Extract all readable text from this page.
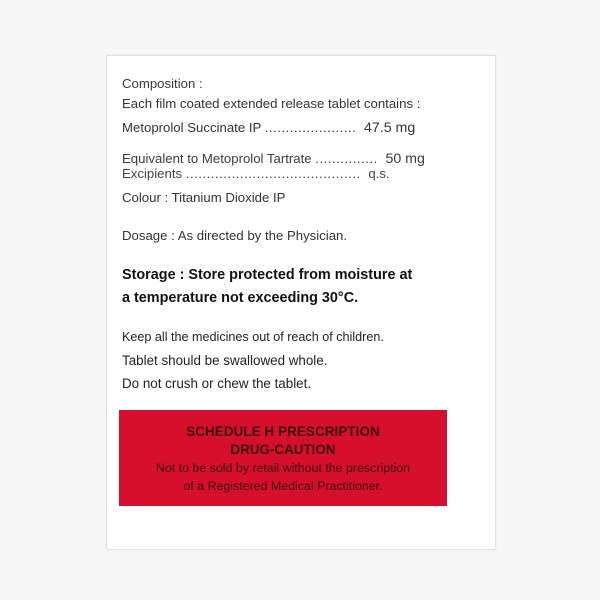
Composition :
Each film coated extended release tablet contains :
Metoprolol Succinate IP ...................... 47.5 mg
Equivalent to Metoprolol Tartrate ............... 50 mg
Excipients .......................................... q.s.
Colour : Titanium Dioxide IP
Dosage : As directed by the Physician.
Storage : Store protected from moisture at
a temperature not exceeding 30°C.
Keep all the medicines out of reach of children.
Tablet should be swallowed whole.
Do not crush or chew the tablet.
SCHEDULE H PRESCRIPTION
DRUG-CAUTION
Not to be sold by retail without the prescription
of a Registered Medical Practitioner.
